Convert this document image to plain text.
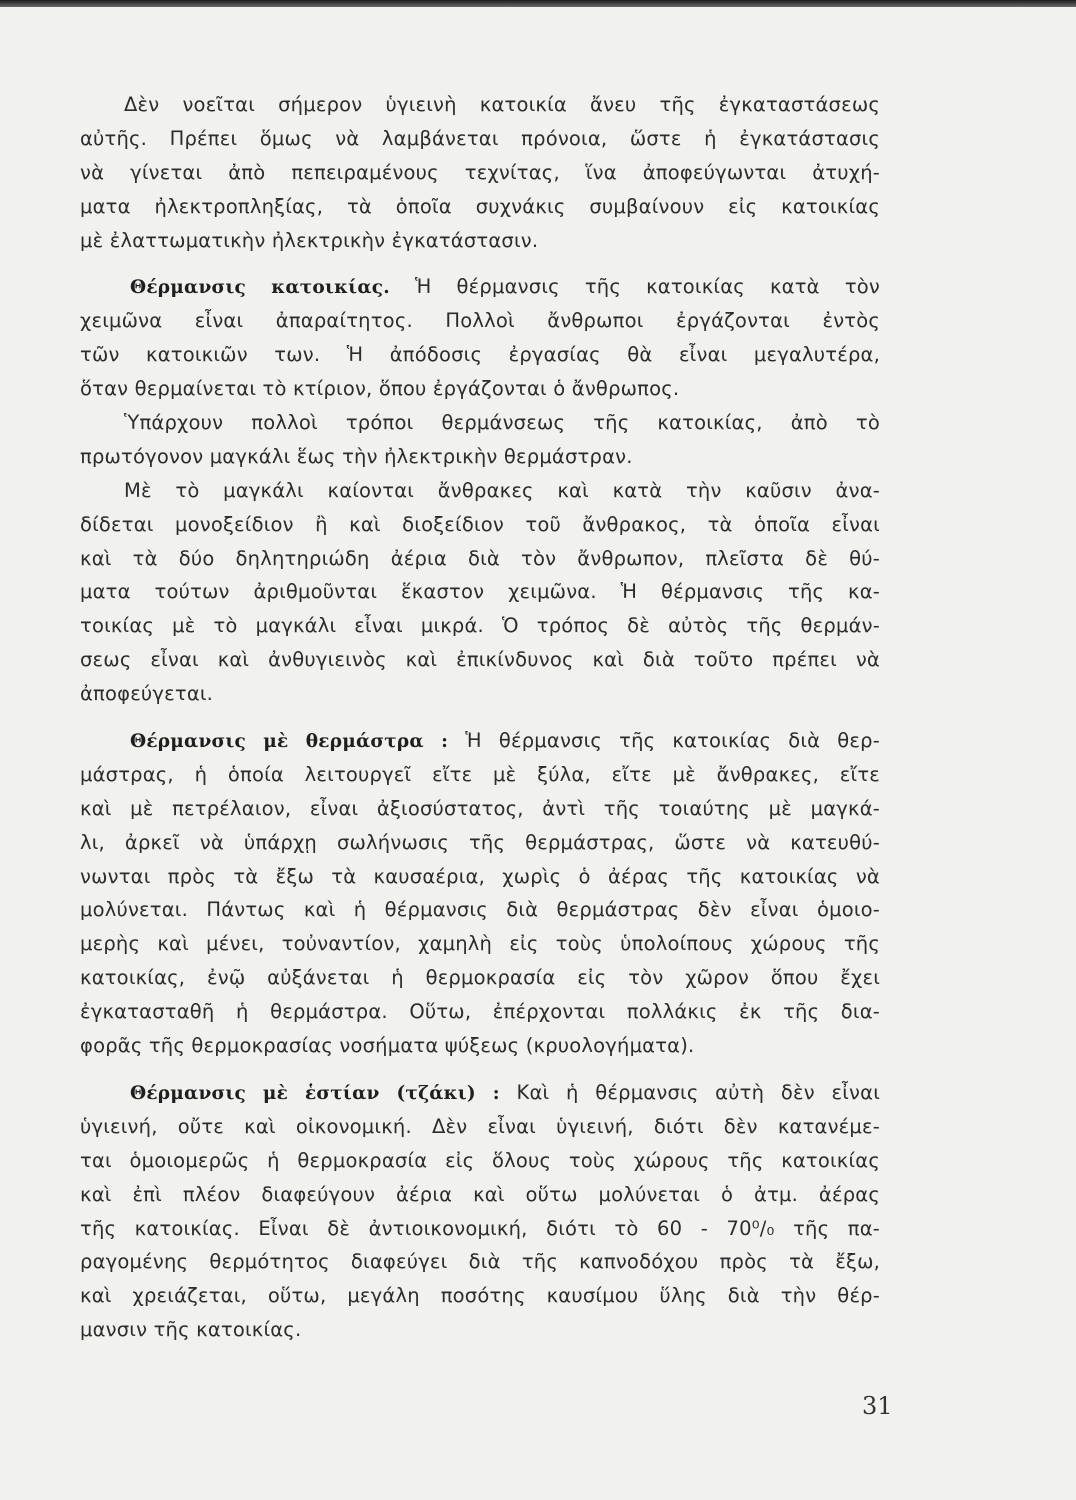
Δὲν νοεῖται σήμερον ὑγιεινὴ κατοικία ἄνευ τῆς ἐγκαταστάσεως
αὐτῆς. Πρέπει ὅμως νὰ λαμβάνεται πρόνοια, ὥστε ἡ ἐγκατάστασις
νὰ γίνεται ἀπὸ πεπειραμένους τεχνίτας, ἵνα ἀποφεύγωνται ἀτυχή-
ματα ἠλεκτροπληξίας, τὰ ὁποῖα συχνάκις συμβαίνουν εἰς κατοικίας
μὲ ἐλαττωματικὴν ἠλεκτρικὴν ἐγκατάστασιν.
Θέρμανσις κατοικίας. Ἡ θέρμανσις τῆς κατοικίας κατὰ τὸν
χειμῶνα εἶναι ἀπαραίτητος. Πολλοὶ ἄνθρωποι ἐργάζονται ἐντὸς
τῶν κατοικιῶν των. Ἡ ἀπόδοσις ἐργασίας θὰ εἶναι μεγαλυτέρα,
ὅταν θερμαίνεται τὸ κτίριον, ὅπου ἐργάζονται ὁ ἄνθρωπος.
Ὑπάρχουν πολλοὶ τρόποι θερμάνσεως τῆς κατοικίας, ἀπὸ τὸ
πρωτόγονον μαγκάλι ἕως τὴν ἠλεκτρικὴν θερμάστραν.
Μὲ τὸ μαγκάλι καίονται ἄνθρακες καὶ κατὰ τὴν καῦσιν ἀνα-
δίδεται μονοξείδιον ἢ καὶ διοξείδιον τοῦ ἄνθρακος, τὰ ὁποῖα εἶναι
καὶ τὰ δύο δηλητηριώδη ἀέρια διὰ τὸν ἄνθρωπον, πλεῖστα δὲ θύ-
ματα τούτων ἀριθμοῦνται ἕκαστον χειμῶνα. Ἡ θέρμανσις τῆς κα-
τοικίας μὲ τὸ μαγκάλι εἶναι μικρά. Ὁ τρόπος δὲ αὐτὸς τῆς θερμάν-
σεως εἶναι καὶ ἀνθυγιεινὸς καὶ ἐπικίνδυνος καὶ διὰ τοῦτο πρέπει νὰ
ἀποφεύγεται.
Θέρμανσις μὲ θερμάστρα : Ἡ θέρμανσις τῆς κατοικίας διὰ θερ-
μάστρας, ἡ ὁποία λειτουργεῖ εἴτε μὲ ξύλα, εἴτε μὲ ἄνθρακες, εἴτε
καὶ μὲ πετρέλαιον, εἶναι ἀξιοσύστατος, ἀντὶ τῆς τοιαύτης μὲ μαγκά-
λι, ἀρκεῖ νὰ ὑπάρχῃ σωλήνωσις τῆς θερμάστρας, ὥστε νὰ κατευθύ-
νωνται πρὸς τὰ ἔξω τὰ καυσαέρια, χωρὶς ὁ ἀέρας τῆς κατοικίας νὰ
μολύνεται. Πάντως καὶ ἡ θέρμανσις διὰ θερμάστρας δὲν εἶναι ὁμοιο-
μερὴς καὶ μένει, τοὐναντίον, χαμηλὴ εἰς τοὺς ὑπολοίπους χώρους τῆς
κατοικίας, ἐνῷ αὐξάνεται ἡ θερμοκρασία εἰς τὸν χῶρον ὅπου ἔχει
ἐγκατασταθῆ ἡ θερμάστρα. Οὕτω, ἐπέρχονται πολλάκις ἐκ τῆς δια-
φορᾶς τῆς θερμοκρασίας νοσήματα ψύξεως (κρυολογήματα).
Θέρμανσις μὲ ἑστίαν (τζάκι) : Καὶ ἡ θέρμανσις αὐτὴ δὲν εἶναι
ὑγιεινή, οὔτε καὶ οἰκονομική. Δὲν εἶναι ὑγιεινή, διότι δὲν κατανέμε-
ται ὁμοιομερῶς ἡ θερμοκρασία εἰς ὅλους τοὺς χώρους τῆς κατοικίας
καὶ ἐπὶ πλέον διαφεύγουν ἀέρια καὶ οὕτω μολύνεται ὁ ἀτμ. ἀέρας
τῆς κατοικίας. Εἶναι δὲ ἀντιοικονομική, διότι τὸ 60 - 70⁰/₀ τῆς πα-
ραγομένης θερμότητος διαφεύγει διὰ τῆς καπνοδόχου πρὸς τὰ ἔξω,
καὶ χρειάζεται, οὕτω, μεγάλη ποσότης καυσίμου ὕλης διὰ τὴν θέρ-
μανσιν τῆς κατοικίας.
31
